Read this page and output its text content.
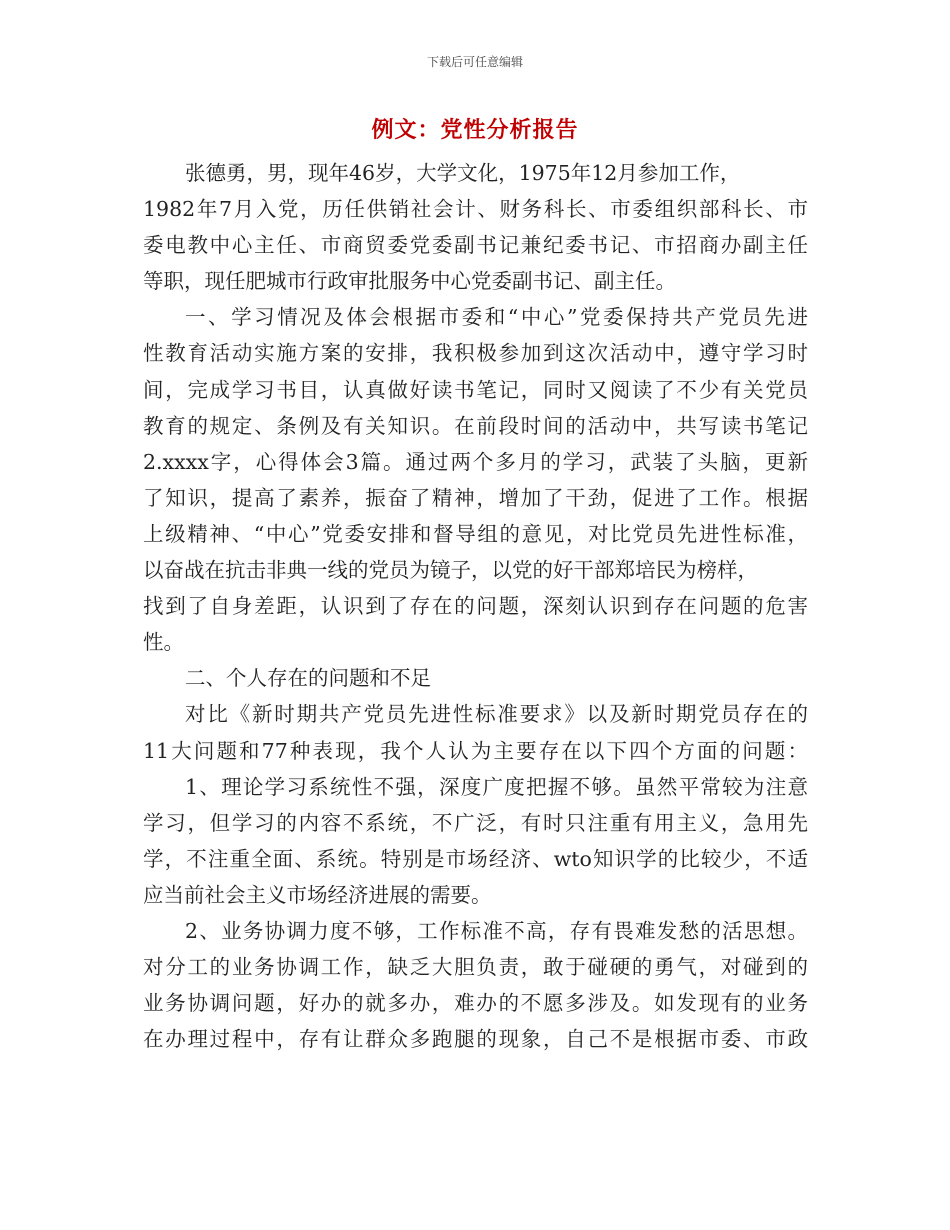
下载后可任意编辑
例文：党性分析报告
张德勇，男，现年46岁，大学文化，1975年12月参加工作，
1982年7月入党，历任供销社会计、财务科长、市委组织部科长、市
委电教中心主任、市商贸委党委副书记兼纪委书记、市招商办副主任
等职，现任肥城市行政审批服务中心党委副书记、副主任。
一、学习情况及体会根据市委和“中心”党委保持共产党员先进
性教育活动实施方案的安排，我积极参加到这次活动中，遵守学习时
间，完成学习书目，认真做好读书笔记，同时又阅读了不少有关党员
教育的规定、条例及有关知识。在前段时间的活动中，共写读书笔记
2.xxxx字，心得体会3篇。通过两个多月的学习，武装了头脑，更新
了知识，提高了素养，振奋了精神，增加了干劲，促进了工作。根据
上级精神、“中心”党委安排和督导组的意见，对比党员先进性标准，
以奋战在抗击非典一线的党员为镜子，以党的好干部郑培民为榜样，
找到了自身差距，认识到了存在的问题，深刻认识到存在问题的危害
性。
二、个人存在的问题和不足
对比《新时期共产党员先进性标准要求》以及新时期党员存在的
11大问题和77种表现，我个人认为主要存在以下四个方面的问题：
1、理论学习系统性不强，深度广度把握不够。虽然平常较为注意
学习，但学习的内容不系统，不广泛，有时只注重有用主义，急用先
学，不注重全面、系统。特别是市场经济、wto知识学的比较少，不适
应当前社会主义市场经济进展的需要。
2、业务协调力度不够，工作标准不高，存有畏难发愁的活思想。
对分工的业务协调工作，缺乏大胆负责，敢于碰硬的勇气，对碰到的
业务协调问题，好办的就多办，难办的不愿多涉及。如发现有的业务
在办理过程中，存有让群众多跑腿的现象，自己不是根据市委、市政
